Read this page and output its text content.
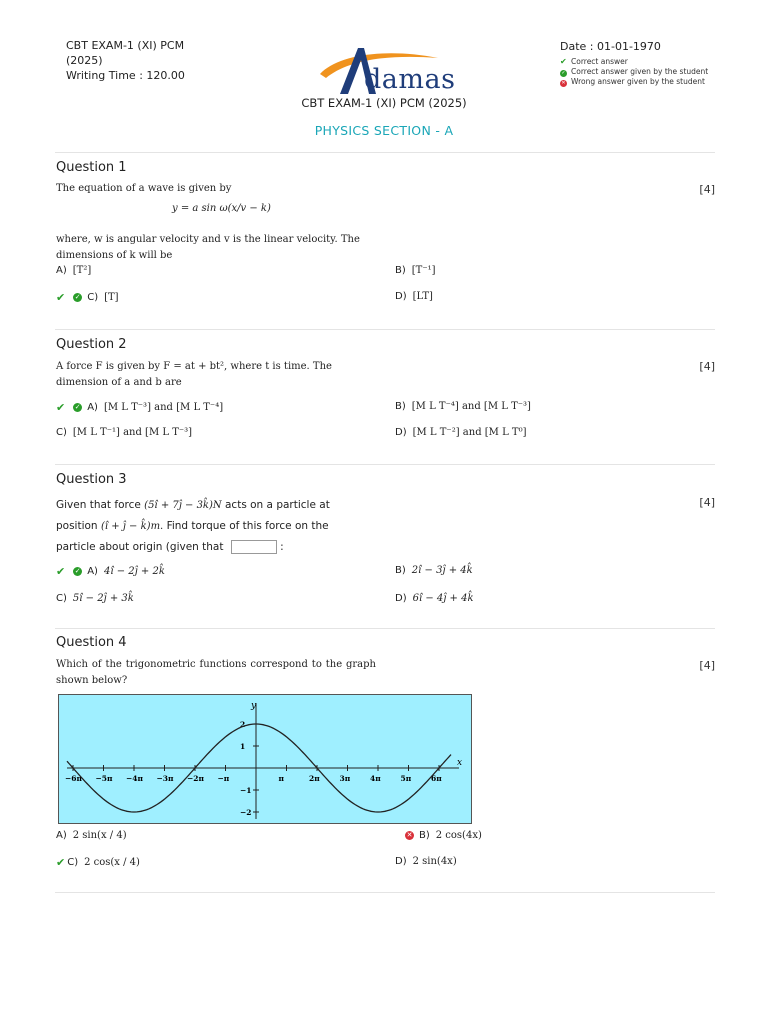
CBT EXAM-1 (XI) PCM
(2025)
Writing Time : 120.00	damas
CBT EXAM-1 (XI) PCM (2025)
PHYSICS SECTION - A
Date : 01-01-1970
✔ Correct answer
✓ Correct answer given by the student
✕ Wrong answer given by the student
Question 1
[4]
The equation of a wave is given by
y = a sin ω(x/v − k)
where, w is angular velocity and v is the linear velocity. The dimensions of k will be
A) [T²]	B) [T⁻¹]
✔ ✓ C) [T]	D) [LT]
Question 2
[4]
A force F is given by F = at + bt², where t is time. The dimension of a and b are
✔ ✓ A) [M L T⁻³] and [M L T⁻⁴]	B) [M L T⁻⁴] and [M L T⁻³]
C) [M L T⁻¹] and [M L T⁻³]	D) [M L T⁻²] and [M L T⁰]
Question 3
[4]
Given that force (5î + 7ĵ − 3k̂)N acts on a particle at
position (î + ĵ − k̂)m. Find torque of this force on the
particle about origin (given that	:
✔ ✓ A) 4î − 2ĵ + 2k̂	B) 2î − 3ĵ + 4k̂
C) 5î − 2ĵ + 3k̂	D) 6î − 4ĵ + 4k̂
Question 4
[4]
Which of the trigonometric functions correspond to the graph shown below?
x
y
−6π −5π −4π −3π −2π −π	π	2π	3π	4π	5π	6π
2
1
−1
−2
A) 2 sin(x / 4)	✕ B) 2 cos(4x)
✔ C) 2 cos(x / 4)	D) 2 sin(4x)
